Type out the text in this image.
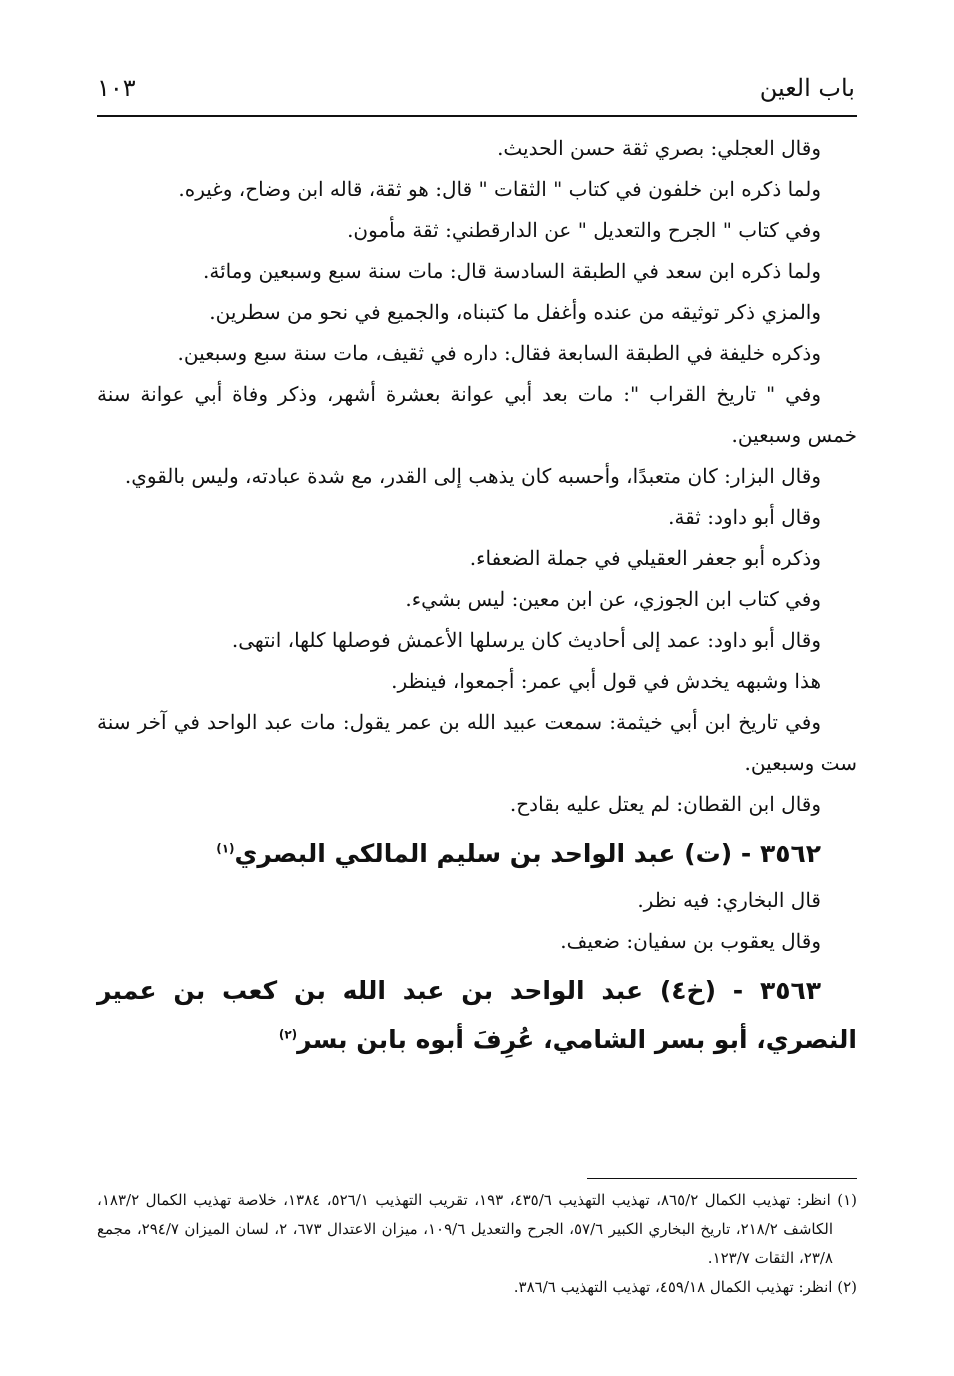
باب العين
١٠٣

وقال العجلي: بصري ثقة حسن الحديث.

ولما ذكره ابن خلفون في كتاب " الثقات " قال: هو ثقة، قاله ابن وضاح، وغيره.

وفي كتاب " الجرح والتعديل " عن الدارقطني: ثقة مأمون.

ولما ذكره ابن سعد في الطبقة السادسة قال: مات سنة سبع وسبعين ومائة.

والمزي ذكر توثيقه من عنده وأغفل ما كتبناه، والجميع في نحو من سطرين.

وذكره خليفة في الطبقة السابعة فقال: داره في ثقيف، مات سنة سبع وسبعين.

وفي " تاريخ القراب ": مات بعد أبي عوانة بعشرة أشهر، وذكر وفاة أبي عوانة سنة خمس وسبعين.

وقال البزار: كان متعبدًا، وأحسبه كان يذهب إلى القدر، مع شدة عبادته، وليس بالقوي.

وقال أبو داود: ثقة.

وذكره أبو جعفر العقيلي في جملة الضعفاء.

وفي كتاب ابن الجوزي، عن ابن معين: ليس بشيء.

وقال أبو داود: عمد إلى أحاديث كان يرسلها الأعمش فوصلها كلها، انتهى.

هذا وشبهه يخدش في قول أبي عمر: أجمعوا، فينظر.

وفي تاريخ ابن أبي خيثمة: سمعت عبيد الله بن عمر يقول: مات عبد الواحد في آخر سنة ست وسبعين.

وقال ابن القطان: لم يعتل عليه بقادح.

٣٥٦٢ - (ت) عبد الواحد بن سليم المالكي البصري$^{(١)}$

قال البخاري: فيه نظر.

وقال يعقوب بن سفيان: ضعيف.

٣٥٦٣ - (خ٤) عبد الواحد بن عبد الله بن كعب بن عمير النصري، أبو بسر الشامي، عُرِفَ أبوه بابن بسر$^{(٢)}$

(١) انظر: تهذيب الكمال ٨٦٥/٢، تهذيب التهذيب ٤٣٥/٦، ١٩٣، تقريب التهذيب ٥٢٦/١، ١٣٨٤، خلاصة تهذيب الكمال ١٨٣/٢، الكاشف ٢١٨/٢، تاريخ البخاري الكبير ٥٧/٦، الجرح والتعديل ١٠٩/٦، ميزان الاعتدال ٦٧٣، ٢، لسان الميزان ٢٩٤/٧، مجمع ٢٣/٨، الثقات ١٢٣/٧.

(٢) انظر: تهذيب الكمال ٤٥٩/١٨، تهذيب التهذيب ٣٨٦/٦.
